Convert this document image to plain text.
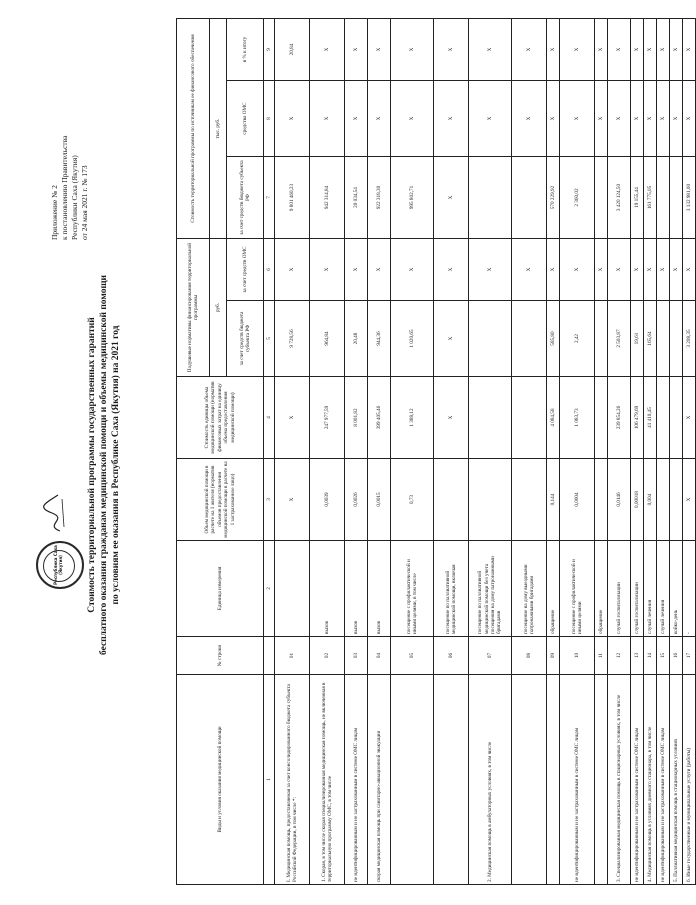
Республика Саха (Якутия)
Приложение № 2 к постановлению Правительства Республики Саха (Якутия) от 24 мая 2021 г. № 173
Стоимость территориальной программы государственных гарантий бесплатного оказания гражданам медицинской помощи и объемы медицинской помощи по условиям ее оказания в Республике Саха (Якутия) на 2021 год
Виды и условия оказания медицинской помощи	№ строки	Единица измерения	Объем медицинской помощи в расчете на 1 жителя (норматив объемов предоставления медицинской помощи в расчете на 1 застрахованное лицо)	Стоимость единицы объема медицинской помощи (норматив финансовых затрат на единицу объема предоставления медицинской помощи)	Подушевые нормативы финансирования территориальной программы		Стоимость территориальной программы по источникам ее финансового обеспечения		
					руб.		тыс. руб.		
					за счет средств бюджета субъекта РФ	за счет средств ОМС	за счет средств бюджета субъекта РФ	средства ОМС	в % к итогу
1		2	3	4	5	6	7	8	9
I. Медицинская помощь, предоставляемая за счет консолидированного бюджета субъекта Российской Федерации, в том числе *:	01		X	X	9 728,56	X	9 801 460,23	X	20,84
1. Скорая, в том числе скорая специализированная медицинская помощь, не включенная в территориальную программу ОМС, в том числе	02	вызов	0,0039	247 977,59	964,84	X	942 314,84	X	X
не идентифицированным и не застрахованным в системе ОМС лицам	03	вызов	0,0026	8 001,82	20,48	X	20 034,54	X	X
скорая медицинская помощь при санитарно-авиационной эвакуации	04	вызов	0,0015	399 405,46	944,36	X	922 318,30	X	X
	05	посещение с профилактической и иными целями, в том числе	0,73	1 388,12	1 020,65	X	995 802,71	X	X
	06	посещение по паллиативной медицинской помощи, включая		X	X	X	X	X	X
2. Медицинская помощь в амбулаторных условиях, в том числе	07	посещение по паллиативной медицинской помощи без учета посещения на дому патронажными бригадами				X		X	X
	08	посещение на дому выездными патронажными бригадами				X		X	X
	09	обращение	0,144	4 084,58	585,80	X	570 229,92	X	X
не идентифицированным и не застрахованным в системе ОМС лицам	10	посещение с профилактической и иными целями	0,0004	1 083,73	2,42	X	2 360,02	X	X
	11	обращение				X		X	X
3. Специализированная медицинская помощь в стационарных условиях, в том числе	12	случай госпитализации	0,0146	239 854,26	2 503,87	X	3 420 124,50	X	X
не идентифицированным и не застрахованным в системе ОМС лицам	13	случай госпитализации	0,00018	106 479,69	19,61	X	19 155,44	X	X
4. Медицинская помощь в условиях дневного стационара, в том числе	14	случай лечения	0,004	41 410,45	165,64	X	161 775,05	X	X
не идентифицированным и не застрахованным в системе ОМС лицам	15	случай лечения				X		X	X
5. Паллиативная медицинская помощь в стационарных условиях	16	койко-день				X		X	X
6. Иные государственные и муниципальные услуги (работы)	17	-	X	X	3 208,35	X	3 132 981,00	X	X
